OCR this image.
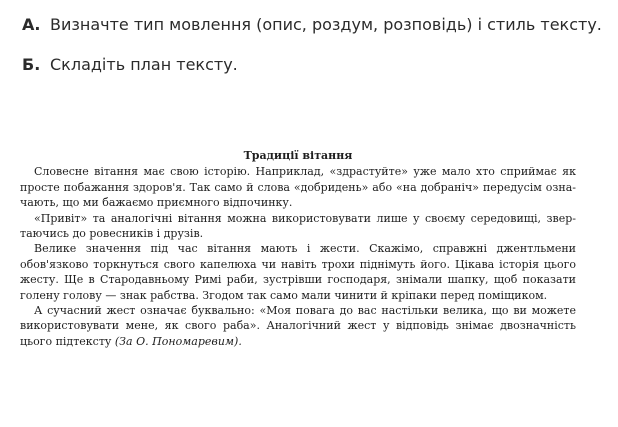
А. Визначте тип мовлення (опис, роздум, розповідь) і стиль тексту.
Б. Складіть план тексту.
Традиції вітання
Словесне вітання має свою історію. Наприклад, «здрастуйте» уже мало хто сприймає як
просте побажання здоров'я. Так само й слова «добридень» або «на добраніч» передусім озна-
чають, що ми бажаємо приємного відпочинку.
«Привіт» та аналогічні вітання можна використовувати лише у своєму середовищі, звер-
таючись до ровесників і друзів.
Велике значення під час вітання мають і жести. Скажімо, справжні джентльмени
обов'язково торкнуться свого капелюха чи навіть трохи піднімуть його. Цікава історія цього
жесту. Ще в Стародавньому Римі раби, зустрівши господаря, знімали шапку, щоб показати
голену голову — знак рабства. Згодом так само мали чинити й кріпаки перед поміщиком.
А сучасний жест означає буквально: «Моя повага до вас настільки велика, що ви можете
використовувати мене, як свого раба». Аналогічний жест у відповідь знімає двозначність
цього підтексту (За О. Пономаревим).
